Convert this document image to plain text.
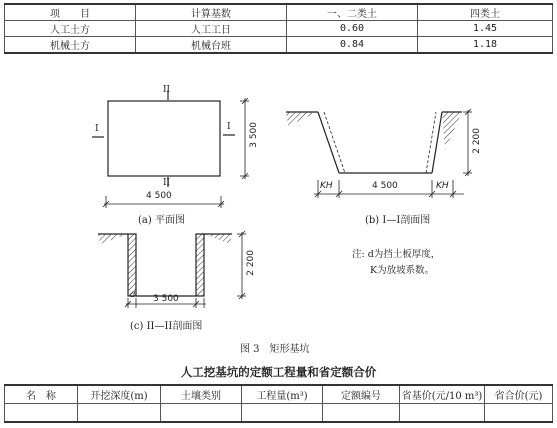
项　　目	计算基数	一、二类土	四类土
人工土方	人工工日	0.60	1.45
机械土方	机械台班	0.84	1.18
II
II
I	I
4 500
3 500
(a) 平面图
KH	KH
4 500
2 200
(b) I—I剖面图
d 3 500
2 200
(c) II—II剖面图
注: d为挡土板厚度，
K为放坡系数。
图 3　矩形基坑
人工挖基坑的定额工程量和省定额合价
名　称	开挖深度(m)	土壤类别	工程量(m³)	定额编号	省基价(元/10 m³)	省合价(元)
